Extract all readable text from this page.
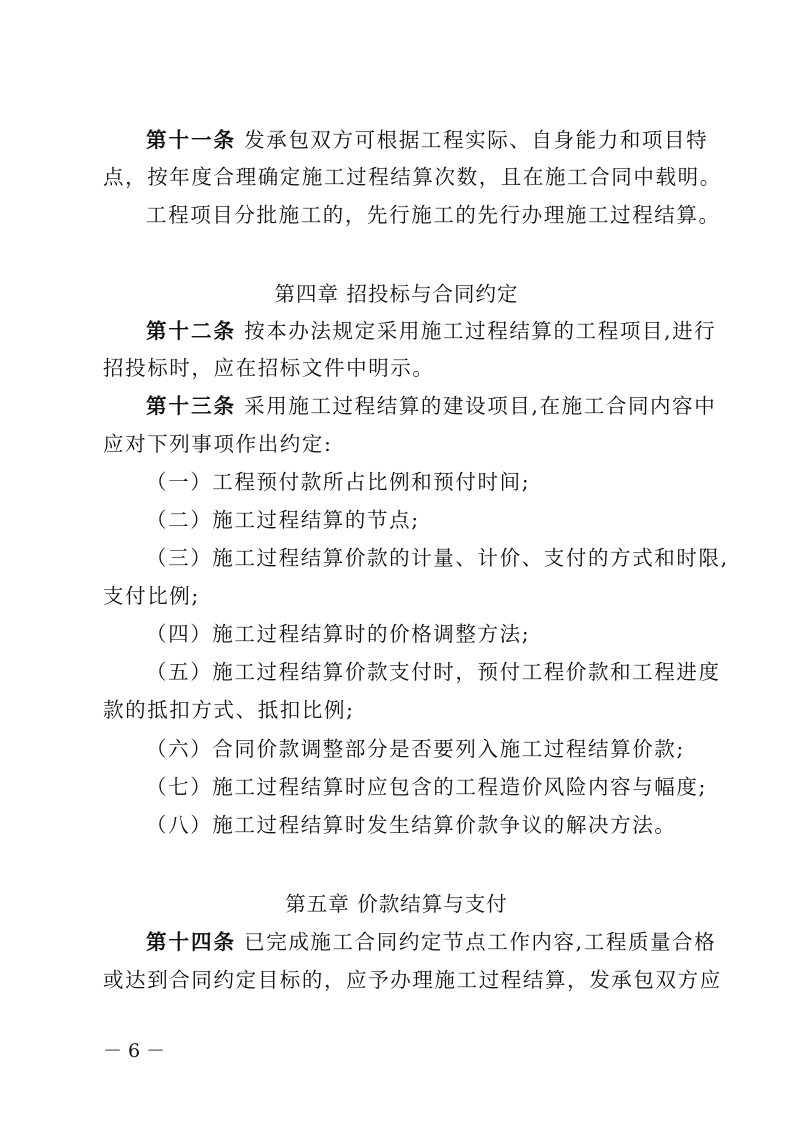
第十一条 发承包双方可根据工程实际、自身能力和项目特
点，按年度合理确定施工过程结算次数，且在施工合同中载明。
工程项目分批施工的，先行施工的先行办理施工过程结算。
第四章 招投标与合同约定
第十二条 按本办法规定采用施工过程结算的工程项目,进行
招投标时，应在招标文件中明示。
第十三条 采用施工过程结算的建设项目,在施工合同内容中
应对下列事项作出约定:
（一）工程预付款所占比例和预付时间;
（二）施工过程结算的节点;
（三）施工过程结算价款的计量、计价、支付的方式和时限,
支付比例;
（四）施工过程结算时的价格调整方法;
（五）施工过程结算价款支付时，预付工程价款和工程进度
款的抵扣方式、抵扣比例;
（六）合同价款调整部分是否要列入施工过程结算价款;
（七）施工过程结算时应包含的工程造价风险内容与幅度;
（八）施工过程结算时发生结算价款争议的解决方法。
第五章 价款结算与支付
第十四条 已完成施工合同约定节点工作内容,工程质量合格
或达到合同约定目标的，应予办理施工过程结算，发承包双方应
－ 6 －
